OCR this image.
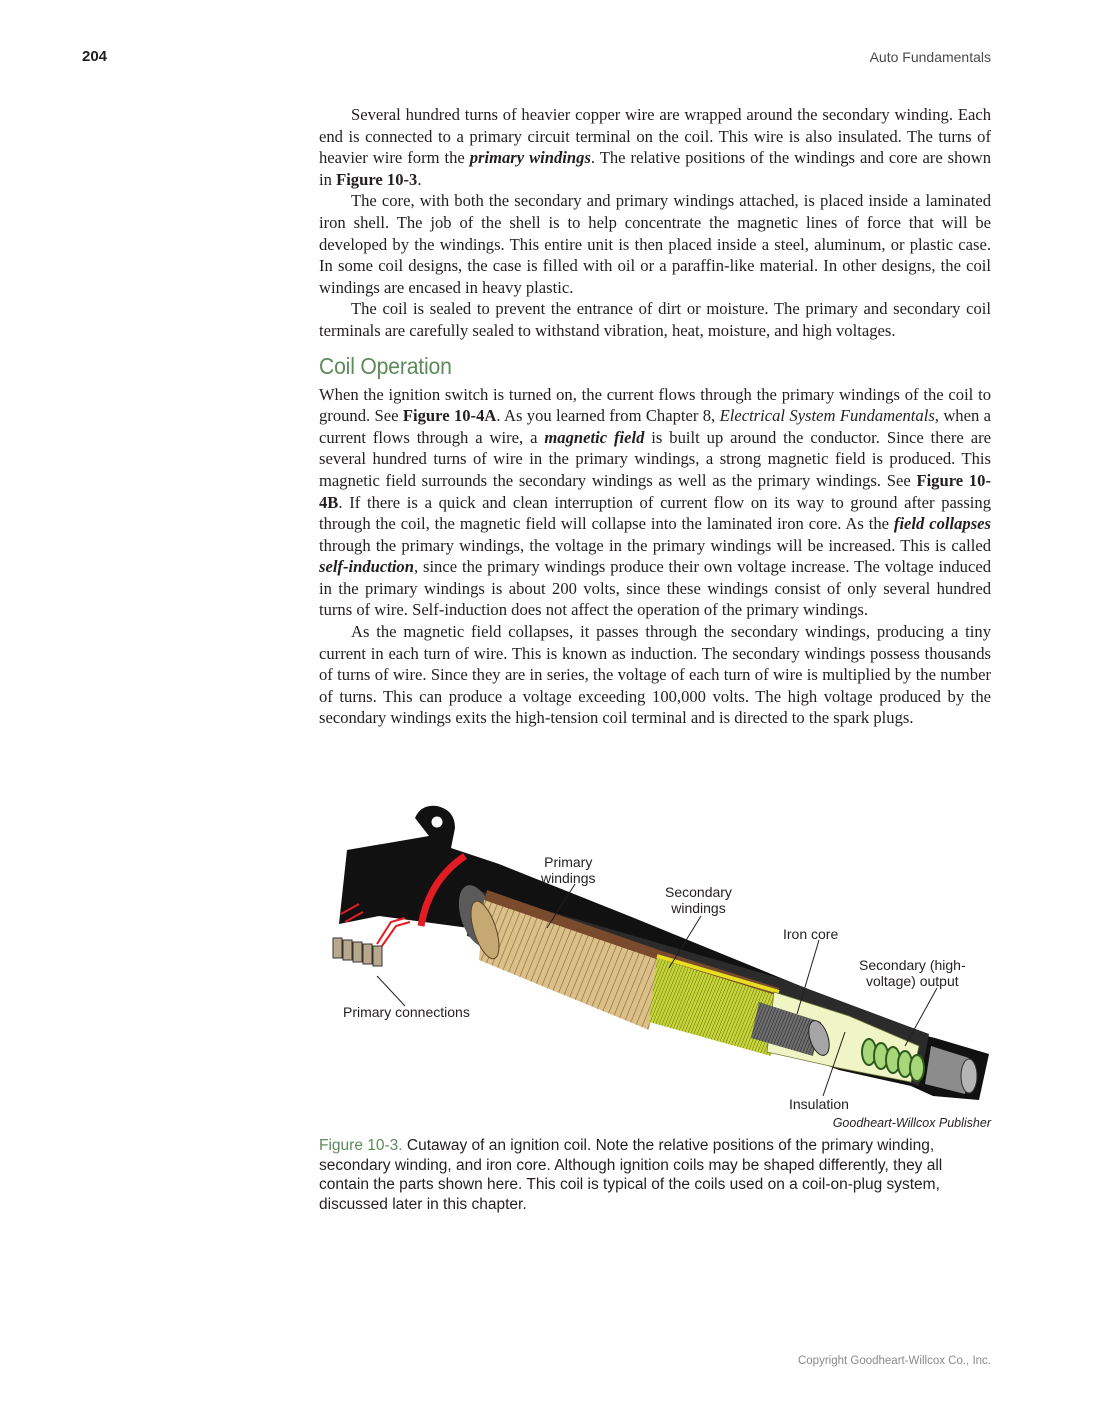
204	Auto Fundamentals

Several hundred turns of heavier copper wire are wrapped around the secondary winding. Each end is connected to a primary circuit terminal on the coil. This wire is also insulated. The turns of heavier wire form the primary windings. The relative positions of the windings and core are shown in Figure 10-3.

The core, with both the secondary and primary windings attached, is placed inside a laminated iron shell. The job of the shell is to help concentrate the magnetic lines of force that will be developed by the windings. This entire unit is then placed inside a steel, aluminum, or plastic case. In some coil designs, the case is filled with oil or a paraffin-like material. In other designs, the coil windings are encased in heavy plastic.

The coil is sealed to prevent the entrance of dirt or moisture. The primary and secondary coil terminals are carefully sealed to withstand vibration, heat, moisture, and high voltages.

Coil Operation

When the ignition switch is turned on, the current flows through the primary windings of the coil to ground. See Figure 10-4A. As you learned from Chapter 8, Electrical System Fundamentals, when a current flows through a wire, a magnetic field is built up around the conductor. Since there are several hundred turns of wire in the primary windings, a strong magnetic field is produced. This magnetic field surrounds the secondary windings as well as the primary windings. See Figure 10-4B. If there is a quick and clean interruption of current flow on its way to ground after passing through the coil, the magnetic field will collapse into the laminated iron core. As the field collapses through the primary windings, the voltage in the primary windings will be increased. This is called self-induction, since the primary windings produce their own voltage increase. The voltage induced in the primary windings is about 200 volts, since these windings consist of only several hundred turns of wire. Self-induction does not affect the operation of the primary windings.

As the magnetic field collapses, it passes through the secondary windings, producing a tiny current in each turn of wire. This is known as induction. The secondary windings possess thousands of turns of wire. Since they are in series, the voltage of each turn of wire is multiplied by the number of turns. This can produce a voltage exceeding 100,000 volts. The high voltage produced by the secondary windings exits the high-tension coil terminal and is directed to the spark plugs.

Primary
windings
Secondary
windings
Iron core
Secondary (high-
voltage) output
Primary connections
Insulation
Goodheart-Willcox Publisher
Figure 10-3. Cutaway of an ignition coil. Note the relative positions of the primary winding, secondary winding, and iron core. Although ignition coils may be shaped differently, they all contain the parts shown here. This coil is typical of the coils used on a coil-on-plug system, discussed later in this chapter.
Copyright Goodheart-Willcox Co., Inc.
